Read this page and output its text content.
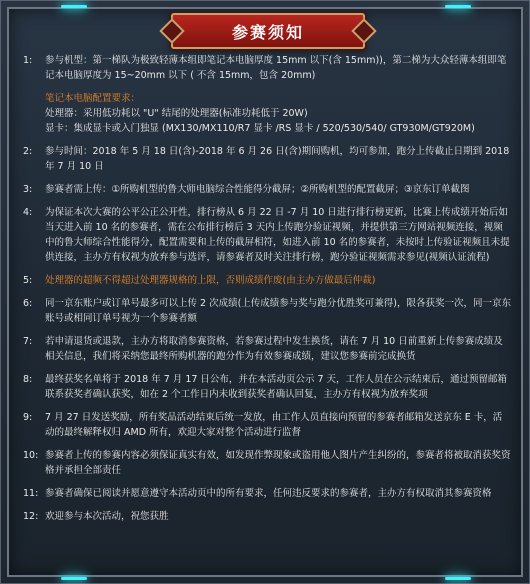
参赛须知
1:	参与机型：第一梯队为极致轻薄本组即笔记本电脑厚度 15mm 以下(含 15mm))，第二梯为大众轻薄本组即笔记本电脑厚度为 15~20mm 以下 ( 不含 15mm，包含 20mm)
笔记本电脑配置要求：
处理器：采用低功耗以 "U" 结尾的处理器(标准功耗低于 20W)
显卡：集成显卡或入门独显 (MX130/MX110/R7 显卡 /RS 显卡 / 520/530/540/ GT930M/GT920M)
2:	参与时间：2018 年 5 月 18 日(含)-2018 年 6 月 26 日(含)期间购机，均可参加，跑分上传截止日期到 2018 年 7 月 10 日
3:	参赛者需上传：①所购机型的鲁大师电脑综合性能得分截屏；②所购机型的配置截屏；③京东订单截图
4:	为保证本次大赛的公平公正公开性，排行榜从 6 月 22 日 -7 月 10 日进行排行榜更新，比赛上传成绩开始后如当天进入前 10 名的参赛者，需在公布排行榜后 3 天内上传跑分验证视频，并提供第三方网站视频连接，视频中的鲁大师综合性能得分，配置需要和上传的截屏相符，如进入前 10 名的参赛者，未按时上传验证视频且未提供连接，主办方有权视为放弃参与选评，请参赛者及时关注排行榜，跑分验证视频需求参见(视频认证流程)
5:	处理器的超频不得超过处理器规格的上限，否则成绩作废(由主办方做最后仲裁)
6:	同一京东账户或订单号最多可以上传 2 次成绩(上传成绩参与奖与跑分优胜奖可兼得)，限各获奖一次，同一京东账号或相同订单号视为一个参赛者额
7:	若申请退货或退款，主办方将取消参赛资格，若参赛过程中发生换货，请在 7 月 10 日前重新上传参赛成绩及相关信息，我们将采纳您最终所购机器的跑分作为有效参赛成绩，建议您参赛前完成换货
8:	最终获奖名单将于 2018 年 7 月 17 日公布，并在本活动页公示 7 天，工作人员在公示结束后，通过预留邮箱联系获奖者确认获奖，如在 2 个工作日内未收到获奖者确认回复，主办方有权视为放弃奖项
9:	7 月 27 日发送奖励，所有奖品活动结束后统一发放，由工作人员直接向预留的参赛者邮箱发送京东 E 卡，活动的最终解释权归 AMD 所有，欢迎大家对整个活动进行监督
10: 参赛者上传的参赛内容必须保证真实有效，如发现作弊现象或盗用他人图片产生纠纷的，参赛者将被取消获奖资格并承担全部责任
11: 参赛者确保已阅读并愿意遵守本活动页中的所有要求，任何违反要求的参赛者，主办方有权取消其参赛资格
12: 欢迎参与本次活动，祝您获胜
